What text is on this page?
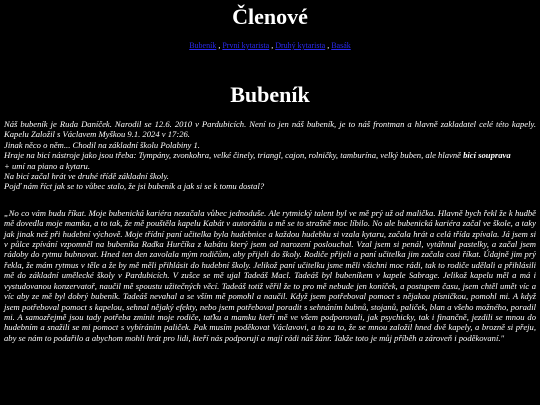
Členové
Bubeník , První kytarista , Druhý kytarista , Basák
Bubeník

Náš bubeník je Ruda Daníček. Narodil se 12.6. 2010 v Pardubicích. Není to jen náš bubeník, je to náš frontman a hlavně zakladatel celé této kapely. Kapelu Založil s Václavem Myškou 9.1. 2024 v 17:26.

Jinak něco o něm... Chodil na základní školu Polabiny 1.

Hraje na bicí nástroje jako jsou třeba: Tympány, zvonkohra, velké činely, triangl, cajon, rolničky, tamburína, velký buben, ale hlavně bicí souprava

+ umí na piano a kytaru.

Na bicí začal hrát ve druhé třídě základní školy.

Pojď nám říct jak se to vůbec stalo, že jsi bubeník a jak si se k tomu dostal?

„No co vám budu říkat. Moje bubenická kariéra nezačala vůbec jednoduše. Ale rytmický talent byl ve mě prý už od malička. Hlavně bych řekl že k hudbě mě dovedla moje mamka, a to tak, že mě pouštěla kapelu Kabát v autorádiu a mě se to strašně moc líbilo. No ale bubenická kariéra začal ve škole, a taky jak jinak než při hudební výchově. Moje třídní paní učitelka byla hudebnice a každou hudebku si vzala kytaru, začala hrát a celá třída zpívala. Já jsem si v půlce zpívání vzpomněl na bubeníka Radka Hurčíka z kabátu který jsem od narození poslouchal. Vzal jsem si penál, vytáhnul pastelky, a začal jsem rádoby do rytmu bubnovat. Hned ten den zavolala mým rodičům, aby přijeli do školy. Rodiče přijeli a paní učitelka jim začala cosi říkat. Údajně jim prý řekla, že mám rytmus v těle a že by mě měli přihlásit do hudební školy. Jelikož paní učitelku jsme měli všichni moc rádi, tak to rodiče udělali a přihlásili mě do základní umělecké školy v Pardubicích. V zušce se mě ujal Tadeáš Macl. Tadeáš byl bubeníkem v kapele Sabrage. Jelikož kapelu měl a má i vystudovanou konzervatoř, naučil mě spoustu užitečných věcí. Tadeáš totiž věřil že to pro mě nebude jen koníček, a postupem času, jsem chtěl umět víc a víc aby ze mě byl dobrý bubeník. Tadeáš nevahal a se vším mě pomohl a naučil. Když jsem potřeboval pomoct s nějakou písničkou, pomohl mi. A když jsem potřeboval pomoct s kapelou, sehnal nějaký efekty, nebo jsem potřeboval poradit s sehnáním bubnů, stojanů, paliček, blan a všeho možného, poradil mi. A samozřejmě jsou tady potřeba zmínit moje rodiče, taťku a mamku kteří mě ve všem podporovali, jak psychicky, tak i finančně, jezdili se mnou do hudebním a snažili se mi pomoct s vybíráním paliček. Pak musím poděkovat Václavovi, a to za to, že se mnou založil hned dvě kapely, a brozně si přeju, aby se nám to podařilo a abychom mohli hrát pro lidi, kteří nás podporují a mají rádi náš žánr. Takže toto je můj příběh a zároveň i poděkovaní."
